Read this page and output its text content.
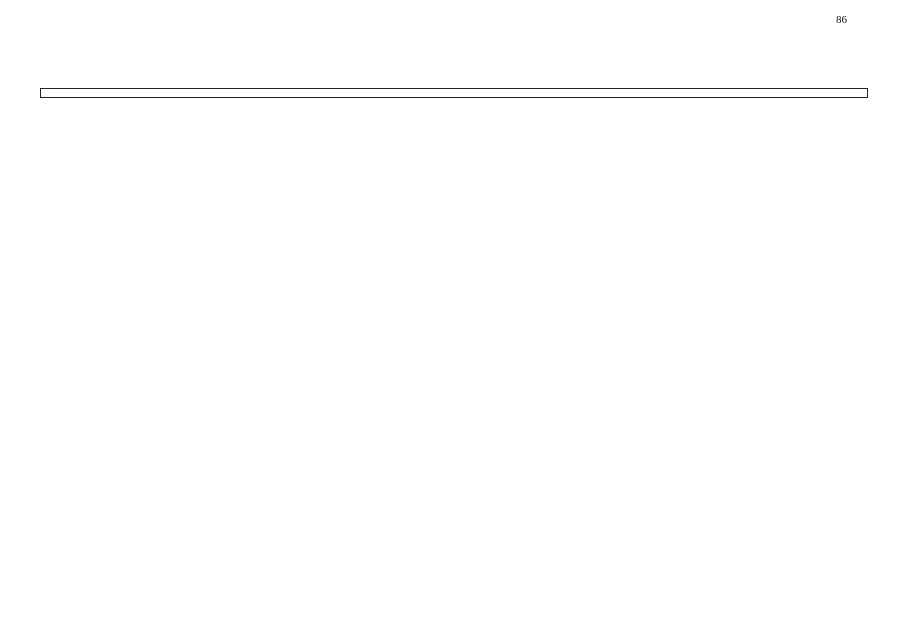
86
